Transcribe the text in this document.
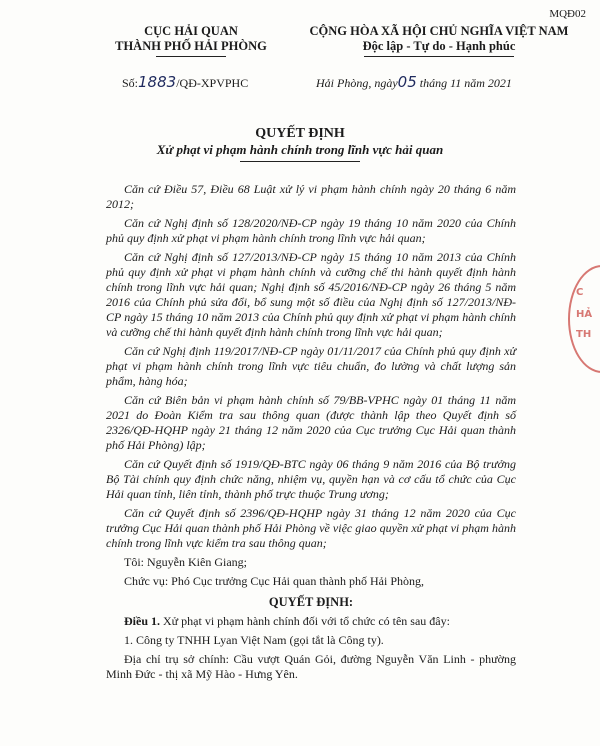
MQĐ02
CỤC HẢI QUAN
THÀNH PHỐ HẢI PHÒNG
CỘNG HÒA XÃ HỘI CHỦ NGHĨA VIỆT NAM
Độc lập - Tự do - Hạnh phúc
Số:1883/QĐ-XPVPHC	Hải Phòng, ngày05 tháng 11 năm 2021
QUYẾT ĐỊNH
Xử phạt vi phạm hành chính trong lĩnh vực hải quan

Căn cứ Điều 57, Điều 68 Luật xử lý vi phạm hành chính ngày 20 tháng 6 năm 2012;

Căn cứ Nghị định số 128/2020/NĐ-CP ngày 19 tháng 10 năm 2020 của Chính phủ quy định xử phạt vi phạm hành chính trong lĩnh vực hải quan;

Căn cứ Nghị định số 127/2013/NĐ-CP ngày 15 tháng 10 năm 2013 của Chính phủ quy định xử phạt vi phạm hành chính và cưỡng chế thi hành quyết định hành chính trong lĩnh vực hải quan; Nghị định số 45/2016/NĐ-CP ngày 26 tháng 5 năm 2016 của Chính phủ sửa đổi, bổ sung một số điều của Nghị định số 127/2013/NĐ-CP ngày 15 tháng 10 năm 2013 của Chính phủ quy định xử phạt vi phạm hành chính và cưỡng chế thi hành quyết định hành chính trong lĩnh vực hải quan;

Căn cứ Nghị định 119/2017/NĐ-CP ngày 01/11/2017 của Chính phủ quy định xử phạt vi phạm hành chính trong lĩnh vực tiêu chuẩn, đo lường và chất lượng sản phẩm, hàng hóa;

Căn cứ Biên bản vi phạm hành chính số 79/BB-VPHC ngày 01 tháng 11 năm 2021 do Đoàn Kiểm tra sau thông quan (được thành lập theo Quyết định số 2326/QĐ-HQHP ngày 21 tháng 12 năm 2020 của Cục trưởng Cục Hải quan thành phố Hải Phòng) lập;

Căn cứ Quyết định số 1919/QĐ-BTC ngày 06 tháng 9 năm 2016 của Bộ trưởng Bộ Tài chính quy định chức năng, nhiệm vụ, quyền hạn và cơ cấu tổ chức của Cục Hải quan tỉnh, liên tỉnh, thành phố trực thuộc Trung ương;

Căn cứ Quyết định số 2396/QĐ-HQHP ngày 31 tháng 12 năm 2020 của Cục trưởng Cục Hải quan thành phố Hải Phòng về việc giao quyền xử phạt vi phạm hành chính trong lĩnh vực kiểm tra sau thông quan;

Tôi: Nguyễn Kiên Giang;

Chức vụ: Phó Cục trưởng Cục Hải quan thành phố Hải Phòng,

QUYẾT ĐỊNH:

Điều 1. Xử phạt vi phạm hành chính đối với tổ chức có tên sau đây:

1. Công ty TNHH Lyan Việt Nam (gọi tắt là Công ty).

Địa chỉ trụ sở chính: Cầu vượt Quán Gỏi, đường Nguyễn Văn Linh - phường Minh Đức - thị xã Mỹ Hào - Hưng Yên.

C
HẢ
TH
